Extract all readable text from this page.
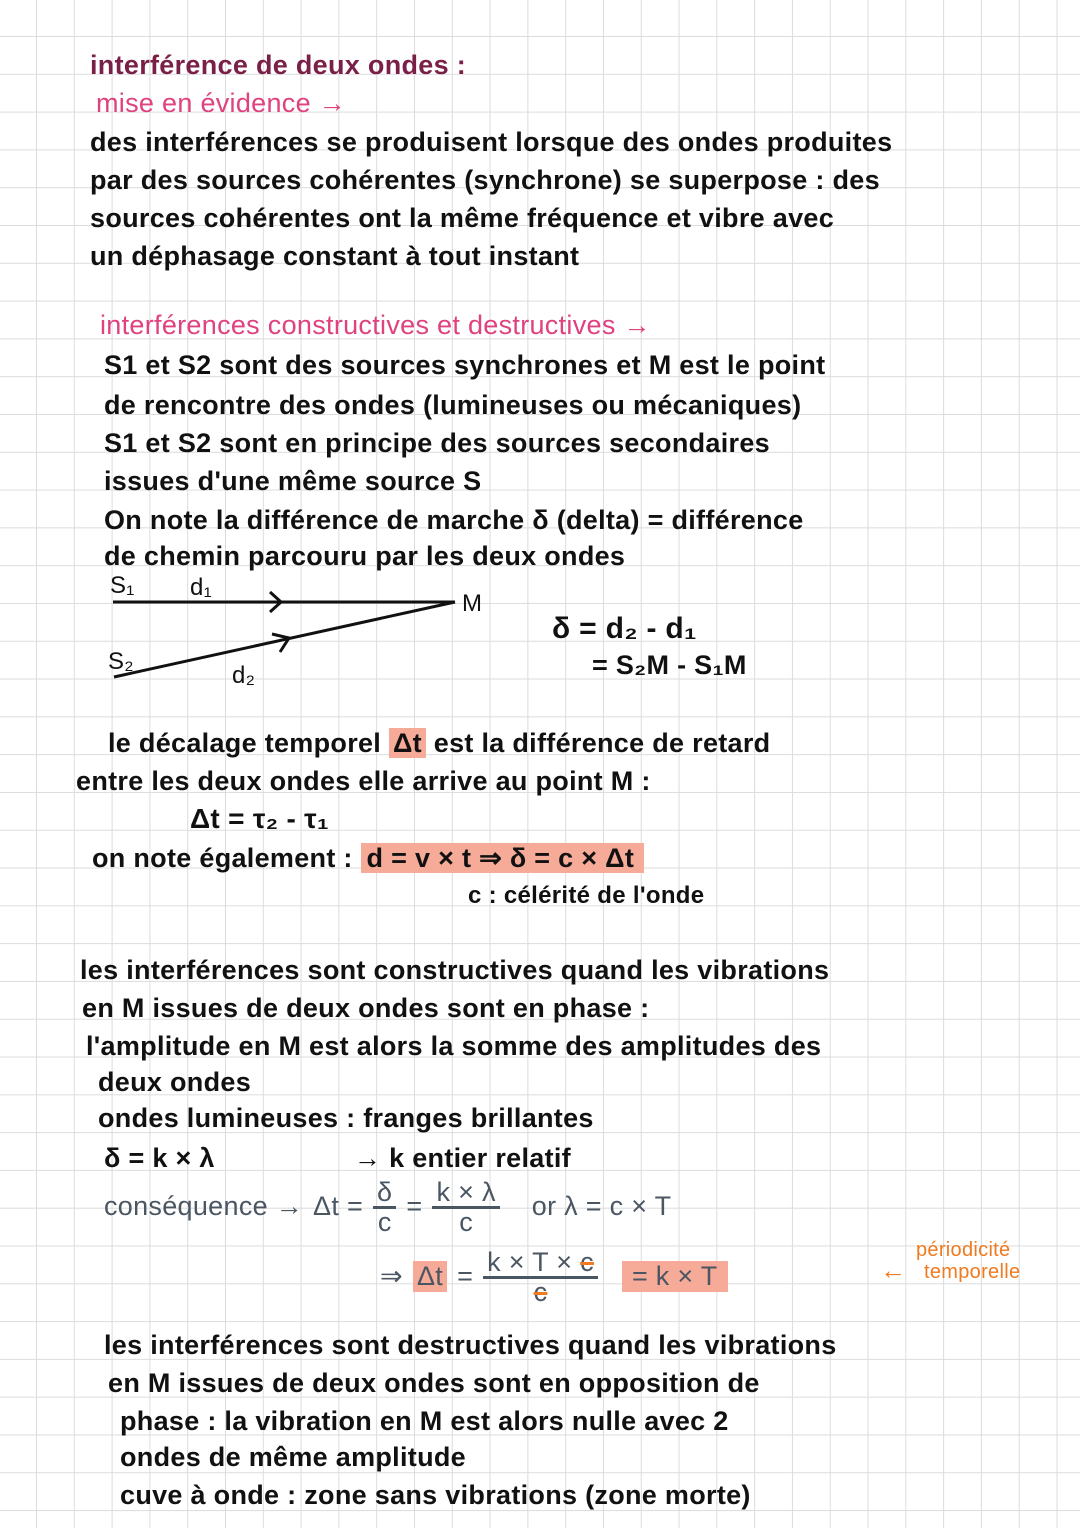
interférence de deux ondes :
mise en évidence →
des interférences se produisent lorsque des ondes produites
par des sources cohérentes (synchrone) se superpose : des
sources cohérentes ont la même fréquence et vibre avec
un déphasage constant à tout instant
interférences constructives et destructives →
S1 et S2 sont des sources synchrones et M est le point
de rencontre des ondes (lumineuses ou mécaniques)
S1 et S2 sont en principe des sources secondaires
issues d'une même source S
On note la différence de marche δ (delta) = différence
de chemin parcouru par les deux ondes
S₁ d₁
M
S₂
d₂
δ = d₂ - d₁
= S₂M - S₁M
le décalage temporel Δt est la différence de retard
entre les deux ondes elle arrive au point M :
Δt = τ₂ - τ₁
on note également : d = v × t ⇒ δ = c × Δt
c : célérité de l'onde
les interférences sont constructives quand les vibrations
en M issues de deux ondes sont en phase :
l'amplitude en M est alors la somme des amplitudes des
deux ondes
ondes lumineuses : franges brillantes
δ = k × λ	→ k entier relatif
conséquence → $\Delta t = \frac{\delta}{c} = \frac{k \times \lambda}{c}$ or λ = c × T
⇒ $\Delta t = \frac{k \times T \times c}{c}$	= k × T	←
périodicité
temporelle
les interférences sont destructives quand les vibrations
en M issues de deux ondes sont en opposition de
phase : la vibration en M est alors nulle avec 2
ondes de même amplitude
cuve à onde : zone sans vibrations (zone morte)
